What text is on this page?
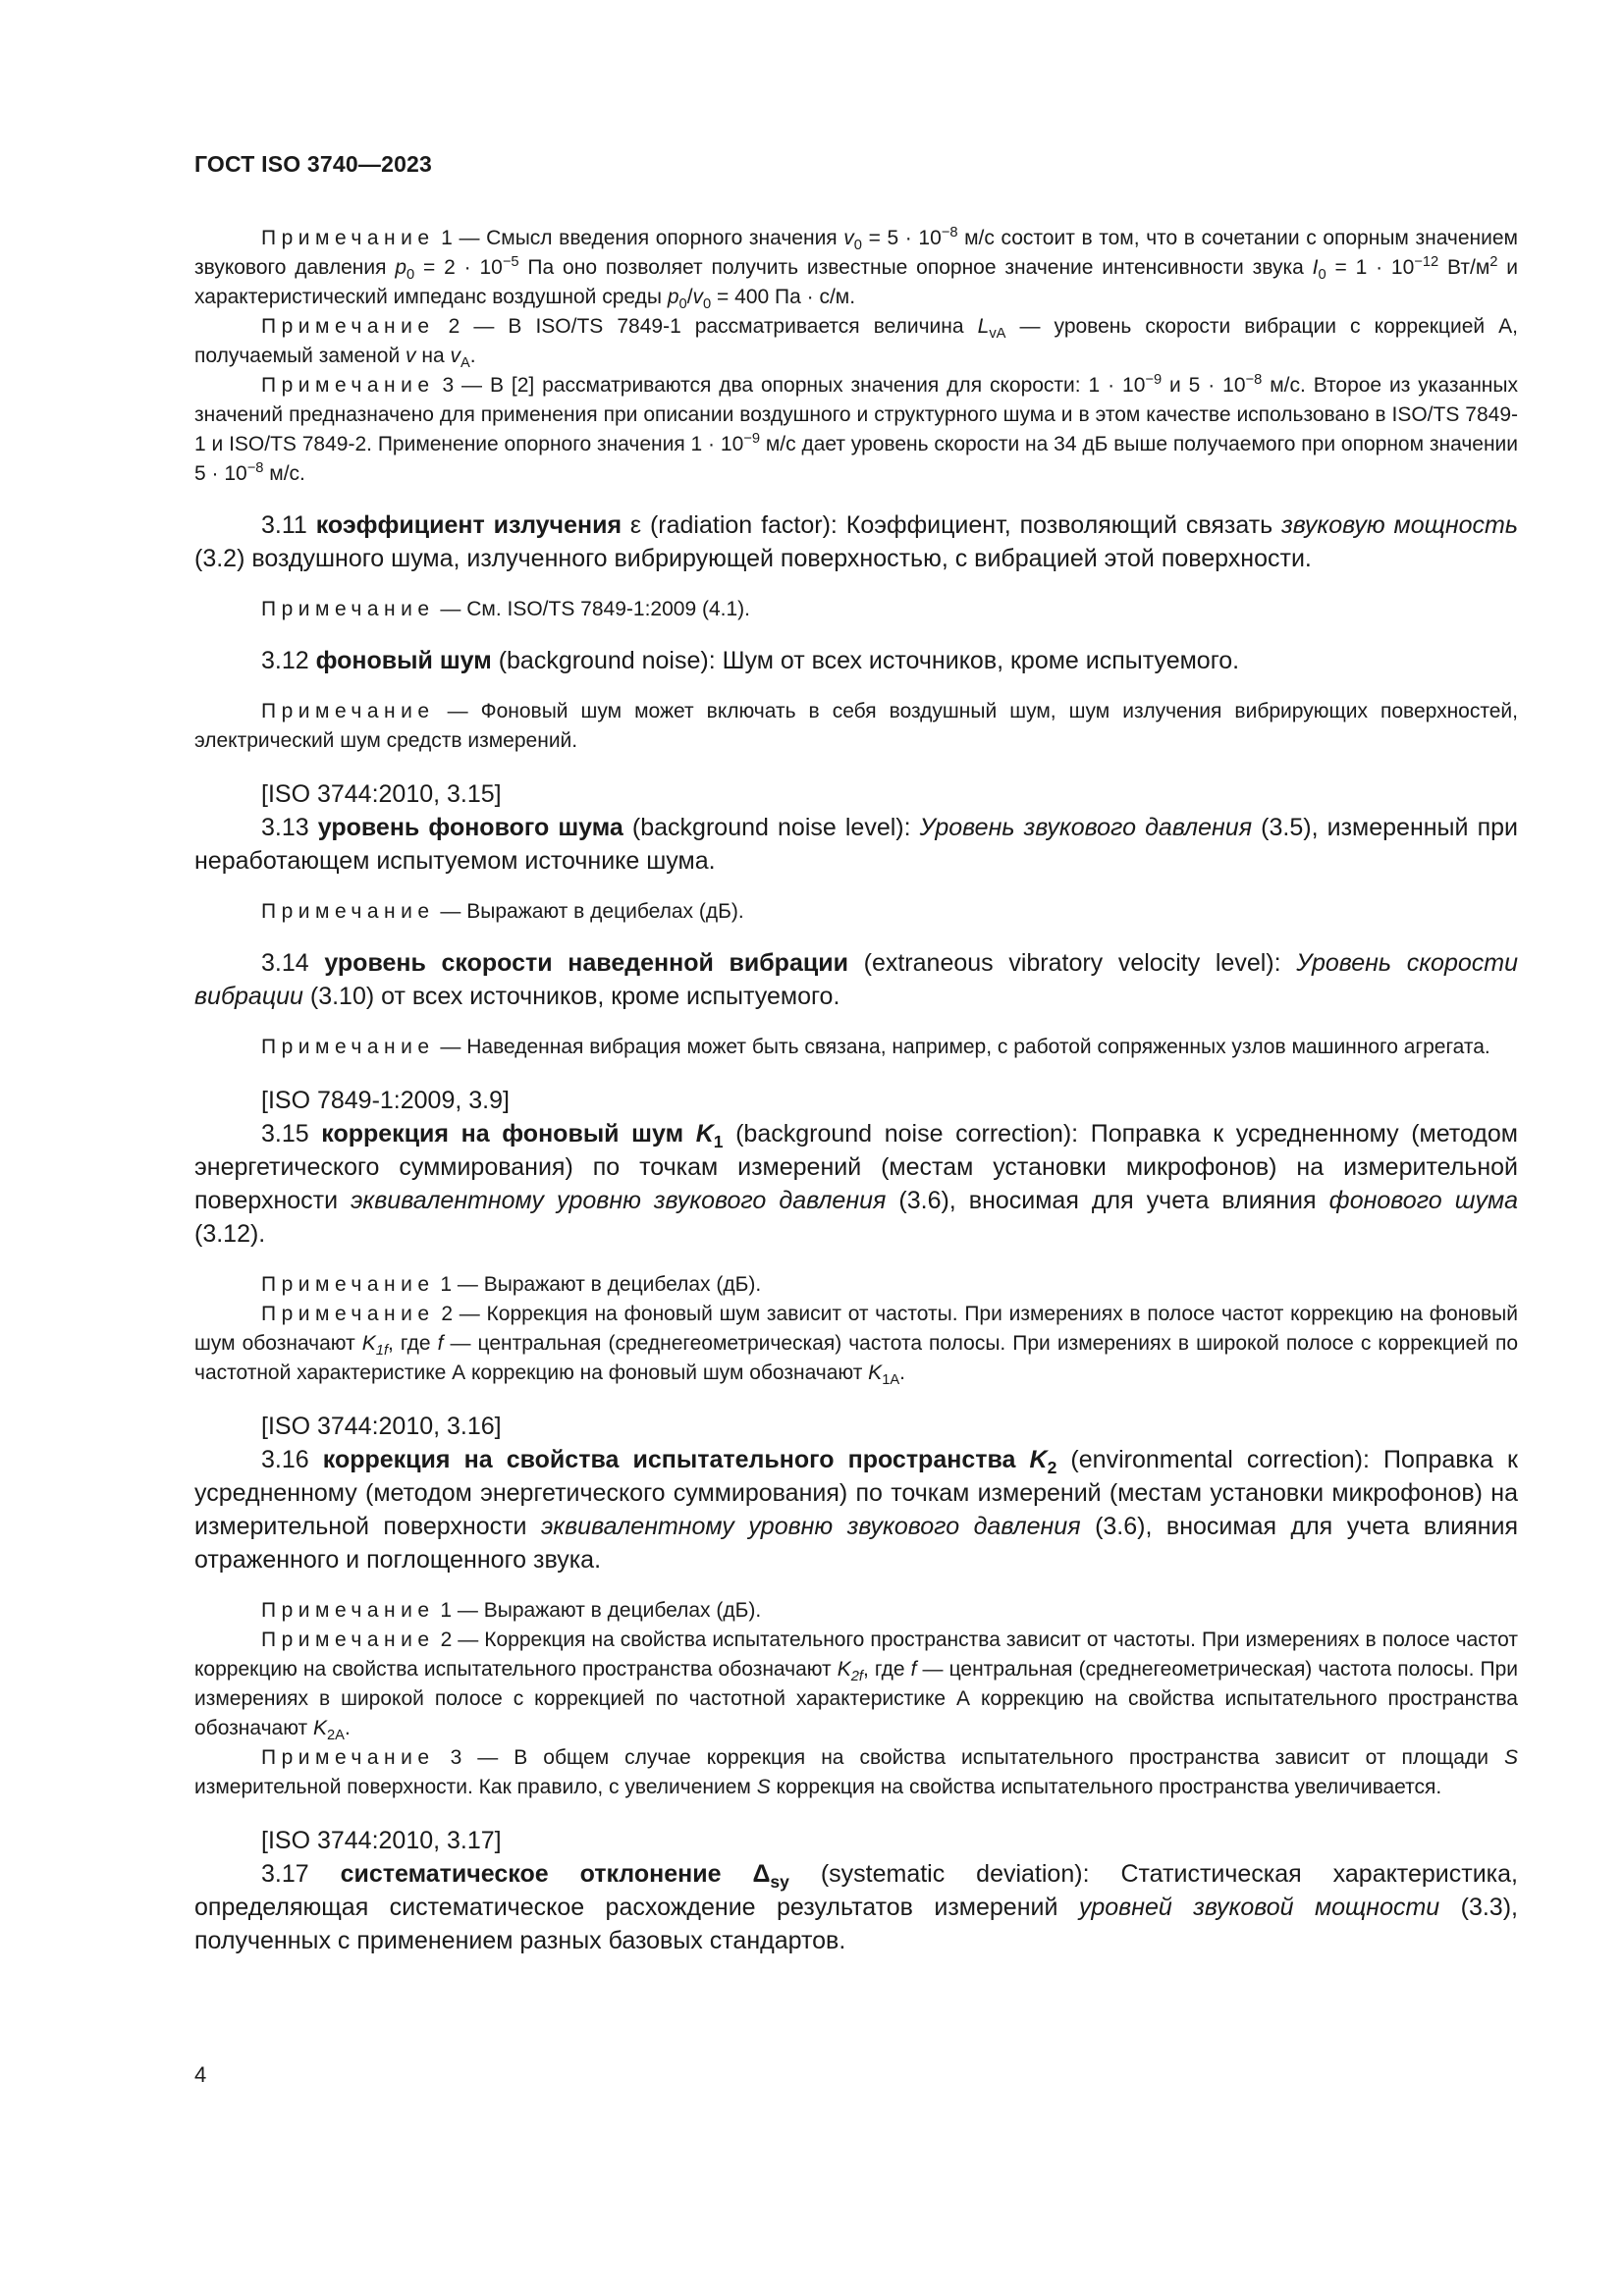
ГОСТ ISO 3740—2023

Примечание 1 — Смысл введения опорного значения $v_0 = 5 \cdot 10^{-8}$ м/с состоит в том, что в сочетании с опорным значением звукового давления $p_0 = 2 \cdot 10^{-5}$ Па оно позволяет получить известные опорное значение интенсивности звука $I_0 = 1 \cdot 10^{-12}$ $Вт/м^2$ и характеристический импеданс воздушной среды $p_0/v_0 = 400$ Па · с/м.

Примечание 2 — В ISO/TS 7849-1 рассматривается величина $L_{vA}$ — уровень скорости вибрации с коррекцией А, получаемый заменой v на $v_A$.

Примечание 3 — В [2] рассматриваются два опорных значения для скорости: $1 \cdot 10^{-9}$ и $5 \cdot 10^{-8}$ м/с. Второе из указанных значений предназначено для применения при описании воздушного и структурного шума и в этом качестве использовано в ISO/TS 7849-1 и ISO/TS 7849-2. Применение опорного значения $1 \cdot 10^{-9}$ м/с дает уровень скорости на 34 дБ выше получаемого при опорном значении $5 \cdot 10^{-8}$ м/с.

3.11 коэффициент излучения ε (radiation factor): Коэффициент, позволяющий связать звуковую мощность (3.2) воздушного шума, излученного вибрирующей поверхностью, с вибрацией этой поверхности.

Примечание — См. ISO/TS 7849-1:2009 (4.1).

3.12 фоновый шум (background noise): Шум от всех источников, кроме испытуемого.

Примечание — Фоновый шум может включать в себя воздушный шум, шум излучения вибрирующих поверхностей, электрический шум средств измерений.

[ISO 3744:2010, 3.15]

3.13 уровень фонового шума (background noise level): Уровень звукового давления (3.5), измеренный при неработающем испытуемом источнике шума.

Примечание — Выражают в децибелах (дБ).

3.14 уровень скорости наведенной вибрации (extraneous vibratory velocity level): Уровень скорости вибрации (3.10) от всех источников, кроме испытуемого.

Примечание — Наведенная вибрация может быть связана, например, с работой сопряженных узлов машинного агрегата.

[ISO 7849-1:2009, 3.9]

3.15 коррекция на фоновый шум $K_1$ (background noise correction): Поправка к усредненному (методом энергетического суммирования) по точкам измерений (местам установки микрофонов) на измерительной поверхности эквивалентному уровню звукового давления (3.6), вносимая для учета влияния фонового шума (3.12).

Примечание 1 — Выражают в децибелах (дБ).

Примечание 2 — Коррекция на фоновый шум зависит от частоты. При измерениях в полосе частот коррекцию на фоновый шум обозначают $K_{1f}$, где f — центральная (среднегеометрическая) частота полосы. При измерениях в широкой полосе с коррекцией по частотной характеристике А коррекцию на фоновый шум обозначают $K_{1A}$.

[ISO 3744:2010, 3.16]

3.16 коррекция на свойства испытательного пространства $K_2$ (environmental correction): Поправка к усредненному (методом энергетического суммирования) по точкам измерений (местам установки микрофонов) на измерительной поверхности эквивалентному уровню звукового давления (3.6), вносимая для учета влияния отраженного и поглощенного звука.

Примечание 1 — Выражают в децибелах (дБ).

Примечание 2 — Коррекция на свойства испытательного пространства зависит от частоты. При измерениях в полосе частот коррекцию на свойства испытательного пространства обозначают $K_{2f}$, где f — центральная (среднегеометрическая) частота полосы. При измерениях в широкой полосе с коррекцией по частотной характеристике А коррекцию на свойства испытательного пространства обозначают $K_{2A}$.

Примечание 3 — В общем случае коррекция на свойства испытательного пространства зависит от площади S измерительной поверхности. Как правило, с увеличением S коррекция на свойства испытательного пространства увеличивается.

[ISO 3744:2010, 3.17]

3.17 систематическое отклонение $\Delta_{sy}$ (systematic deviation): Статистическая характеристика, определяющая систематическое расхождение результатов измерений уровней звуковой мощности (3.3), полученных с применением разных базовых стандартов.

4
